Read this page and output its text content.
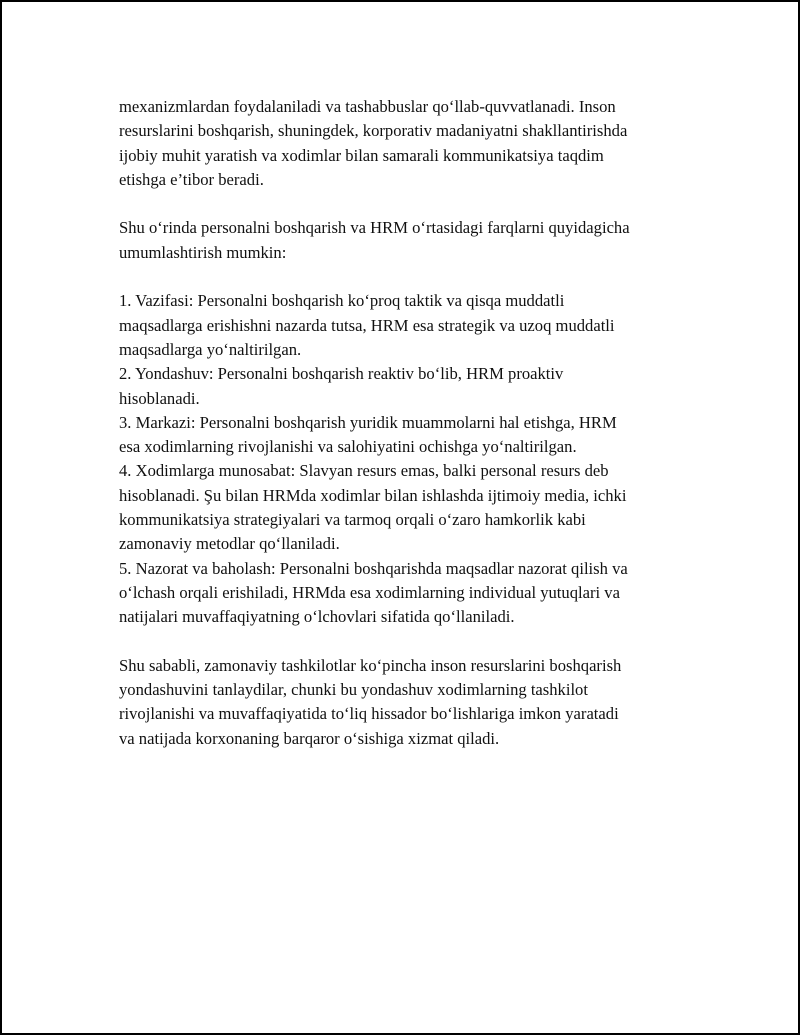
mexanizmlardan foydalaniladi va tashabbuslar qo‘llab-quvvatlanadi. Inson
resurslarini boshqarish, shuningdek, korporativ madaniyatni shakllantirishda
ijobiy muhit yaratish va xodimlar bilan samarali kommunikatsiya taqdim
etishga e’tibor beradi.

Shu o‘rinda personalni boshqarish va HRM o‘rtasidagi farqlarni quyidagicha
umumlashtirish mumkin:

1. Vazifasi: Personalni boshqarish ko‘proq taktik va qisqa muddatli
maqsadlarga erishishni nazarda tutsa, HRM esa strategik va uzoq muddatli
maqsadlarga yo‘naltirilgan.
2. Yondashuv: Personalni boshqarish reaktiv bo‘lib, HRM proaktiv
hisoblanadi.
3. Markazi: Personalni boshqarish yuridik muammolarni hal etishga, HRM
esa xodimlarning rivojlanishi va salohiyatini ochishga yo‘naltirilgan.
4. Xodimlarga munosabat: Slavyan resurs emas, balki personal resurs deb
hisoblanadi. Şu bilan HRMda xodimlar bilan ishlashda ijtimoiy media, ichki
kommunikatsiya strategiyalari va tarmoq orqali o‘zaro hamkorlik kabi
zamonaviy metodlar qo‘llaniladi.
5. Nazorat va baholash: Personalni boshqarishda maqsadlar nazorat qilish va
o‘lchash orqali erishiladi, HRMda esa xodimlarning individual yutuqlari va
natijalari muvaffaqiyatning o‘lchovlari sifatida qo‘llaniladi.

Shu sababli, zamonaviy tashkilotlar ko‘pincha inson resurslarini boshqarish
yondashuvini tanlaydilar, chunki bu yondashuv xodimlarning tashkilot
rivojlanishi va muvaffaqiyatida to‘liq hissador bo‘lishlariga imkon yaratadi
va natijada korxonaning barqaror o‘sishiga xizmat qiladi.
